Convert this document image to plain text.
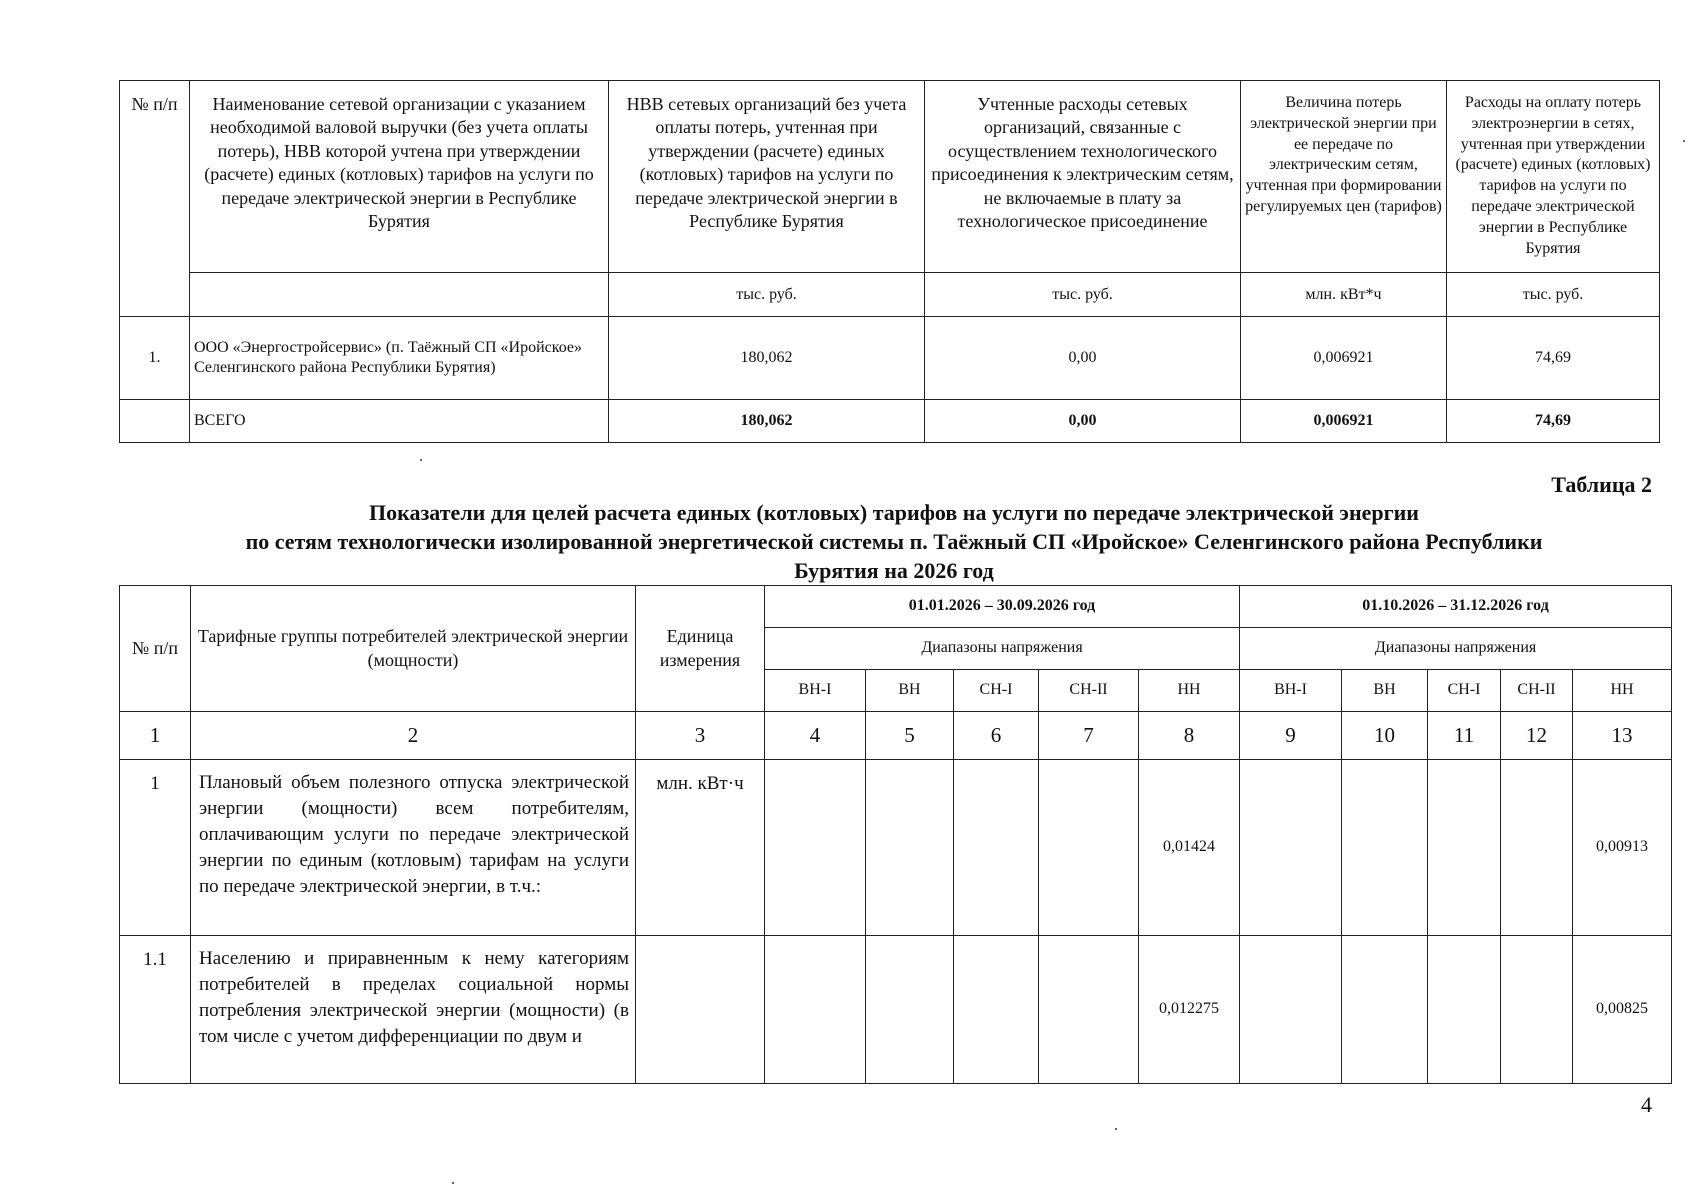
№ п/п	Наименование сетевой организации с указанием необходимой валовой выручки (без учета оплаты потерь), НВВ которой учтена при утверждении (расчете) единых (котловых) тарифов на услуги по передаче электрической энергии в Республике Бурятия	НВВ сетевых организаций без учета оплаты потерь, учтенная при утверждении (расчете) единых (котловых) тарифов на услуги по передаче электрической энергии в Республике Бурятия	Учтенные расходы сетевых организаций, связанные с осуществлением технологического присоединения к электрическим сетям, не включаемые в плату за технологическое присоединение	Величина потерь электрической энергии при ее передаче по электрическим сетям, учтенная при формировании регулируемых цен (тарифов)	Расходы на оплату потерь электроэнергии в сетях, учтенная при утверждении (расчете) единых (котловых) тарифов на услуги по передаче электрической энергии в Республике Бурятия
		тыс. руб.	тыс. руб.	млн. кВт*ч	тыс. руб.
1.	ООО «Энергостройсервис» (п. Таёжный СП «Иройское» Селенгинского района Республики Бурятия)	180,062	0,00	0,006921	74,69
	ВСЕГО	180,062	0,00	0,006921	74,69
Таблица 2
Показатели для целей расчета единых (котловых) тарифов на услуги по передаче электрической энергии
по сетям технологически изолированной энергетической системы п. Таёжный СП «Иройское» Селенгинского района Республики
Бурятия на 2026 год
№ п/п	Тарифные группы потребителей электрической энергии (мощности)	Единица измерения	01.01.2026 – 30.09.2026 год					01.10.2026 – 31.12.2026 год				
			Диапазоны напряжения					Диапазоны напряжения				
			ВН-I	ВН	СН-I	СН-II	НН	ВН-I	ВН	СН-I	СН-II	НН
1	2	3	4	5	6	7	8	9	10	11	12	13
1	Плановый объем полезного отпуска электрической энергии (мощности) всем потребителям, оплачивающим услуги по передаче электрической энергии по единым (котловым) тарифам на услуги по передаче электрической энергии, в т.ч.:	млн. кВт·ч					0,01424					0,00913
1.1	Населению и приравненным к нему категориям потребителей в пределах социальной нормы потребления электрической энергии (мощности) (в том числе с учетом дифференциации по двум и						0,012275					0,00825
4
